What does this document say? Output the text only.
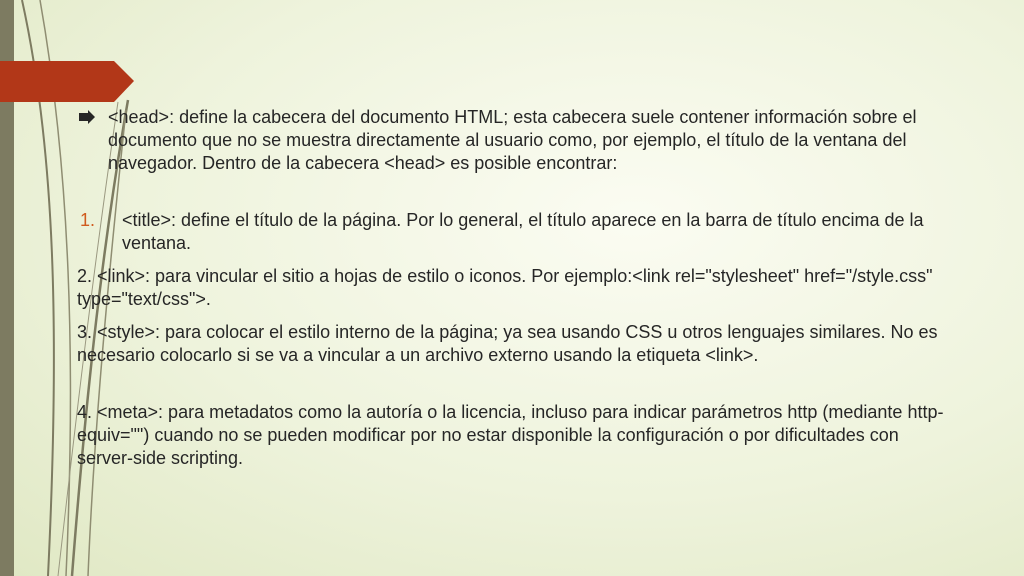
<head>: define la cabecera del documento HTML; esta cabecera suele contener información sobre el documento que no se muestra directamente al usuario como, por ejemplo, el título de la ventana del navegador. Dentro de la cabecera <head> es posible encontrar:
1. <title>: define el título de la página. Por lo general, el título aparece en la barra de título encima de la ventana.
2. <link>: para vincular el sitio a hojas de estilo o iconos. Por ejemplo:<link rel="stylesheet" href="/style.css" type="text/css">.
3. <style>: para colocar el estilo interno de la página; ya sea usando CSS u otros lenguajes similares. No es necesario colocarlo si se va a vincular a un archivo externo usando la etiqueta <link>.
4. <meta>: para metadatos como la autoría o la licencia, incluso para indicar parámetros http (mediante http-equiv="") cuando no se pueden modificar por no estar disponible la configuración o por dificultades con server-side scripting.
